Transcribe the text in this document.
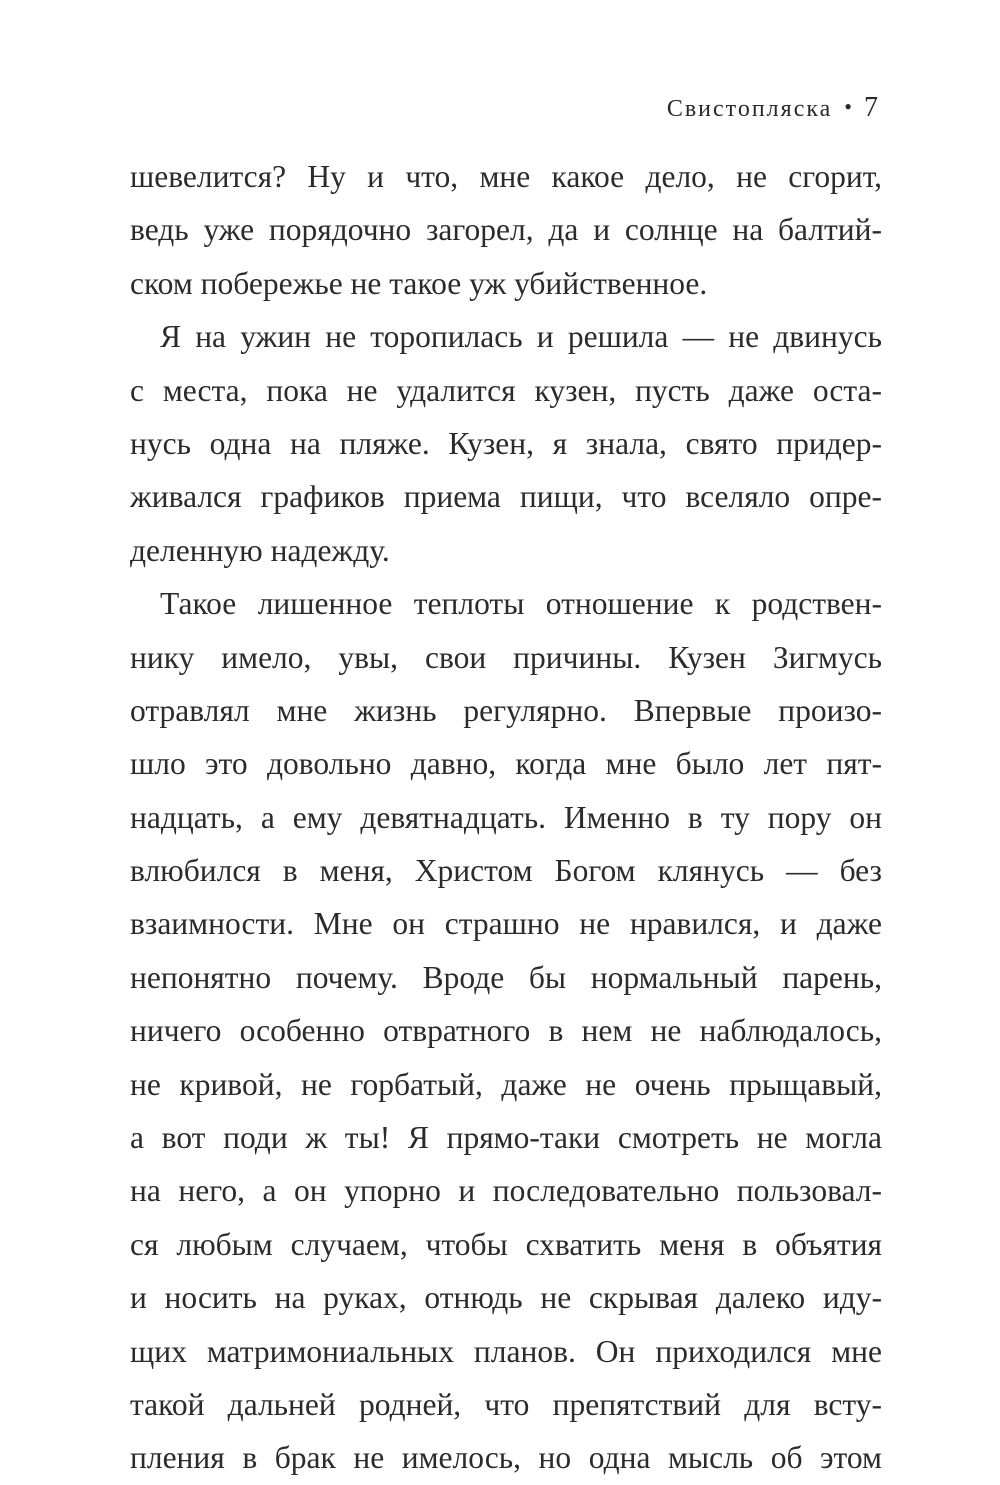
Свистопляска • 7
шевелится? Ну и что, мне какое дело, не сгорит,
ведь уже порядочно загорел, да и солнце на балтий-
ском побережье не такое уж убийственное.
Я на ужин не торопилась и решила — не двинусь
с места, пока не удалится кузен, пусть даже оста-
нусь одна на пляже. Кузен, я знала, свято придер-
живался графиков приема пищи, что вселяло опре-
деленную надежду.
Такое лишенное теплоты отношение к родствен-
нику имело, увы, свои причины. Кузен Зигмусь
отравлял мне жизнь регулярно. Впервые произо-
шло это довольно давно, когда мне было лет пят-
надцать, а ему девятнадцать. Именно в ту пору он
влюбился в меня, Христом Богом клянусь — без
взаимности. Мне он страшно не нравился, и даже
непонятно почему. Вроде бы нормальный парень,
ничего особенно отвратного в нем не наблюдалось,
не кривой, не горбатый, даже не очень прыщавый,
а вот поди ж ты! Я прямо-таки смотреть не могла
на него, а он упорно и последовательно пользовал-
ся любым случаем, чтобы схватить меня в объятия
и носить на руках, отнюдь не скрывая далеко иду-
щих матримониальных планов. Он приходился мне
такой дальней родней, что препятствий для всту-
пления в брак не имелось, но одна мысль об этом
